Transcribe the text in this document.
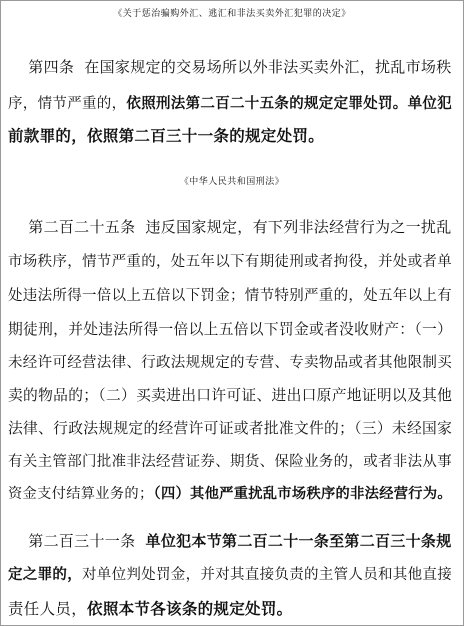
《关于惩治骗购外汇、逃汇和非法买卖外汇犯罪的决定》
第四条  在国家规定的交易场所以外非法买卖外汇，扰乱市场秩
序，情节严重的，依照刑法第二百二十五条的规定定罪处罚。单位犯
前款罪的，依照第二百三十一条的规定处罚。
《中华人民共和国刑法》
第二百二十五条  违反国家规定，有下列非法经营行为之一扰乱
市场秩序，情节严重的，处五年以下有期徒刑或者拘役，并处或者单
处违法所得一倍以上五倍以下罚金；情节特别严重的，处五年以上有
期徒刑，并处违法所得一倍以上五倍以下罚金或者没收财产：（一）
未经许可经营法律、行政法规规定的专营、专卖物品或者其他限制买
卖的物品的；（二）买卖进出口许可证、进出口原产地证明以及其他
法律、行政法规规定的经营许可证或者批准文件的；（三）未经国家
有关主管部门批准非法经营证券、期货、保险业务的，或者非法从事
资金支付结算业务的；（四）其他严重扰乱市场秩序的非法经营行为。
第二百三十一条  单位犯本节第二百二十一条至第二百三十条规
定之罪的，对单位判处罚金，并对其直接负责的主管人员和其他直接
责任人员，依照本节各该条的规定处罚。
